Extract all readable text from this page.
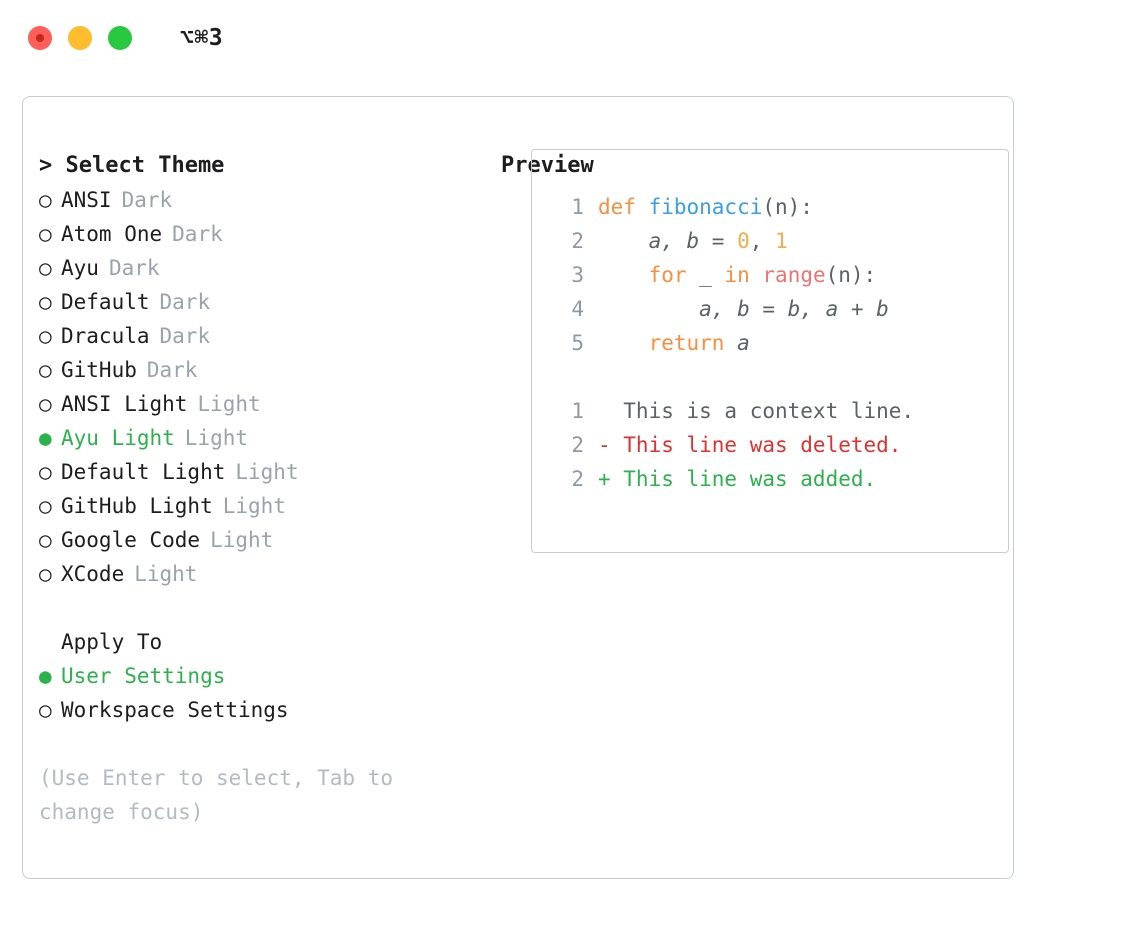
⌥⌘3
> Select Theme
○ ANSI Dark
○ Atom One Dark
○ Ayu Dark
○ Default Dark
○ Dracula Dark
○ GitHub Dark
○ ANSI Light Light
● Ayu Light Light
○ Default Light Light
○ GitHub Light Light
○ Google Code Light
○ XCode Light
Apply To
● User Settings
○ Workspace Settings
(Use Enter to select, Tab to change focus)
Preview
1 def fibonacci(n):
2 a, b = 0, 1
3	for _ in range(n):
4 a, b = b, a + b
5	return a

1 This is a context line.
2 - This line was deleted.
2 + This line was added.
